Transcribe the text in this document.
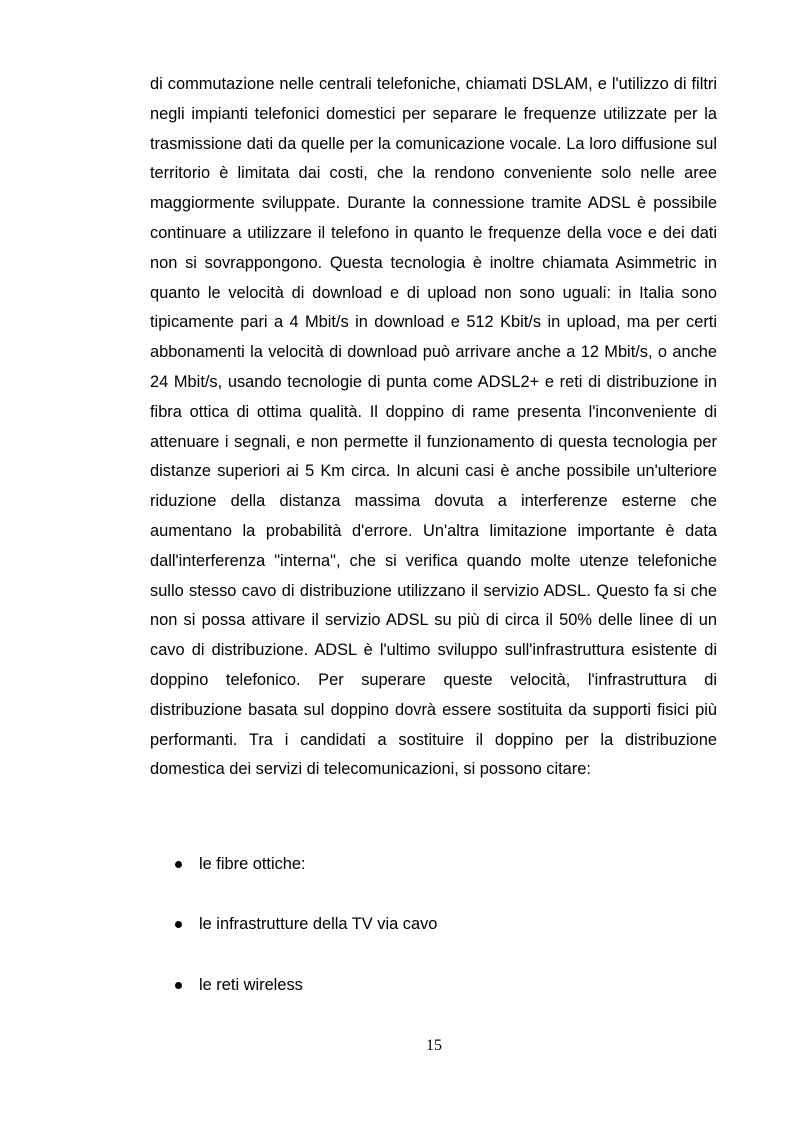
di commutazione nelle centrali telefoniche, chiamati DSLAM, e l'utilizzo di filtri negli impianti telefonici domestici per separare le frequenze utilizzate per la trasmissione dati da quelle per la comunicazione vocale. La loro diffusione sul territorio è limitata dai costi, che la rendono conveniente solo nelle aree maggiormente sviluppate. Durante la connessione tramite ADSL è possibile continuare a utilizzare il telefono in quanto le frequenze della voce e dei dati non si sovrappongono. Questa tecnologia è inoltre chiamata Asimmetric in quanto le velocità di download e di upload non sono uguali: in Italia sono tipicamente pari a 4 Mbit/s in download e 512 Kbit/s in upload, ma per certi abbonamenti la velocità di download può arrivare anche a 12 Mbit/s, o anche 24 Mbit/s, usando tecnologie di punta come ADSL2+ e reti di distribuzione in fibra ottica di ottima qualità. Il doppino di rame presenta l'inconveniente di attenuare i segnali, e non permette il funzionamento di questa tecnologia per distanze superiori ai 5 Km circa. In alcuni casi è anche possibile un'ulteriore riduzione della distanza massima dovuta a interferenze esterne che aumentano la probabilità d'errore. Un'altra limitazione importante è data dall'interferenza "interna", che si verifica quando molte utenze telefoniche sullo stesso cavo di distribuzione utilizzano il servizio ADSL. Questo fa si che non si possa attivare il servizio ADSL su più di circa il 50% delle linee di un cavo di distribuzione. ADSL è l'ultimo sviluppo sull'infrastruttura esistente di doppino telefonico. Per superare queste velocità, l'infrastruttura di distribuzione basata sul doppino dovrà essere sostituita da supporti fisici più performanti. Tra i candidati a sostituire il doppino per la distribuzione domestica dei servizi di telecomunicazioni, si possono citare:

le fibre ottiche:
le infrastrutture della TV via cavo
le reti wireless
15
